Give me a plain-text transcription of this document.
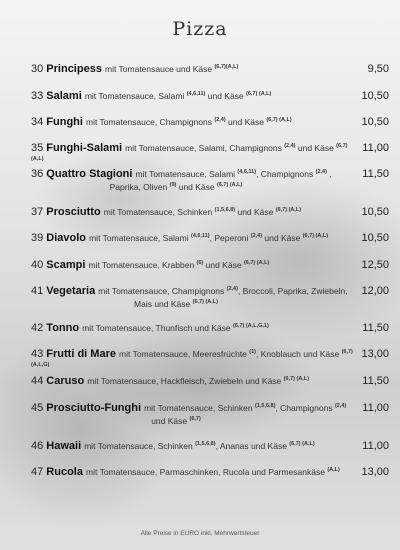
Pizza
30 Principess mit Tomatensauce und Käse $^{(6,7)(A,L)}$	9,50
33 Salami mit Tomatensauce, Salami $^{(4,6,11)}$ und Käse $^{(6,7)}$ $^{(A,L)}$	10,50
34 Funghi mit Tomatensauce, Champignons $^{(2,4)}$ und Käse $^{(6,7)}$ $^{(A,L)}$	10,50
35 Funghi-Salami mit Tomatensauce, Salami, Champignons $^{(2,4)}$ und Käse $^{(6,7)}$ $^{(A,L)}$
11,00
36 Quattro Stagioni mit Tomatensauce, Salami $^{(4,6,11)}$, Champignons $^{(2,4)}$ ,
Paprika, Oliven $^{(9)}$ und Käse $^{(6,7)}$ $^{(A,L)}$
11,50
37 Prosciutto mit Tomatensauce, Schinken $^{(1,5,6,8)}$ und Käse $^{(6,7)}$ $^{(A,L)}$	10,50
39 Diavolo mit Tomatensauce, Salami $^{(4,6,11)}$, Peperoni $^{(2,4)}$ und Käse $^{(6,7)}$ $^{(A,L)}$	10,50
40 Scampi mit Tomatensauce, Krabben $^{(6)}$ und Käse $^{(6,7)}$ $^{(A,L)}$	12,50
41 Vegetaria mit Tomatensauce, Champignons $^{(2,4)}$, Broccoli, Paprika, Zwiebeln,
Mais und Käse $^{(6,7)}$ $^{(A,L)}$
12,00
42 Tonno mit Tomatensauce, Thunfisch und Käse $^{(6,7)}$ $^{(A,L,G,1)}$	11,50
43 Frutti di Mare mit Tomatensauce, Meeresfrüchte $^{(1)}$, Knoblauch und Käse $^{(6,7)}$ $^{(A,L,G)}$
13,00
44 Caruso mit Tomatensauce, Hackfleisch, Zwiebeln und Käse $^{(6,7)}$ $^{(A,L)}$	11,50
45 Prosciutto-Funghi mit Tomatensauce, Schinken $^{(1,5,6,8)}$, Champignons $^{(2,4)}$
und Käse $^{(6,7)}$
11,00
46 Hawaii mit Tomatensauce, Schinken $^{(1,5,6,8)}$, Ananas und Käse $^{(6,7)}$ $^{(A,L)}$	11,00
47 Rucola mit Tomatensauce, Parmaschinken, Rucola und Parmesankäse $^{(A,L)}$	13,00
Alle Preise in EURO inkl. Mehrwertsteuer
